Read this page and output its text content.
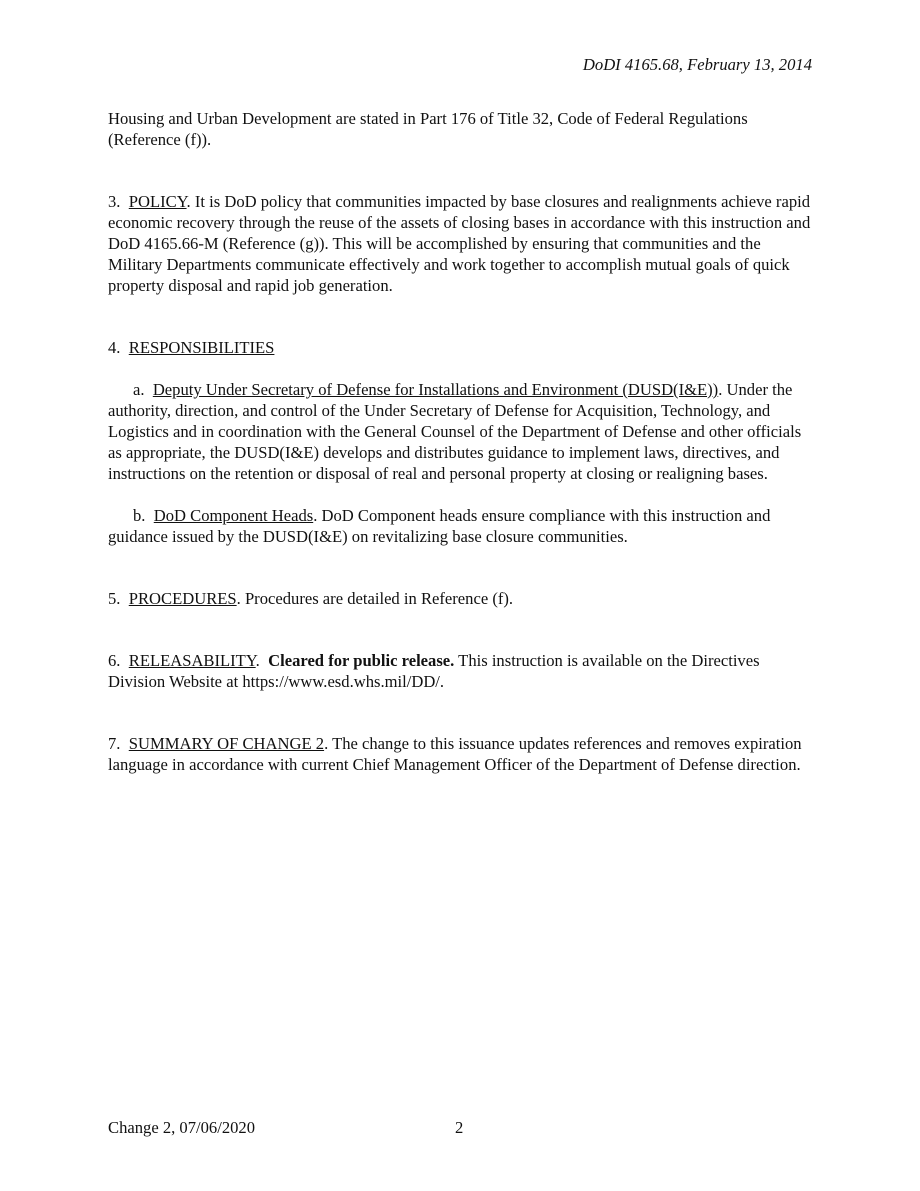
DoDI 4165.68, February 13, 2014

Housing and Urban Development are stated in Part 176 of Title 32, Code of Federal Regulations (Reference (f)).

3. POLICY. It is DoD policy that communities impacted by base closures and realignments achieve rapid economic recovery through the reuse of the assets of closing bases in accordance with this instruction and DoD 4165.66-M (Reference (g)). This will be accomplished by ensuring that communities and the Military Departments communicate effectively and work together to accomplish mutual goals of quick property disposal and rapid job generation.

4. RESPONSIBILITIES

a. Deputy Under Secretary of Defense for Installations and Environment (DUSD(I&E)). Under the authority, direction, and control of the Under Secretary of Defense for Acquisition, Technology, and Logistics and in coordination with the General Counsel of the Department of Defense and other officials as appropriate, the DUSD(I&E) develops and distributes guidance to implement laws, directives, and instructions on the retention or disposal of real and personal property at closing or realigning bases.

b. DoD Component Heads. DoD Component heads ensure compliance with this instruction and guidance issued by the DUSD(I&E) on revitalizing base closure communities.

5. PROCEDURES. Procedures are detailed in Reference (f).

6. RELEASABILITY.  Cleared for public release. This instruction is available on the Directives Division Website at https://www.esd.whs.mil/DD/.

7. SUMMARY OF CHANGE 2. The change to this issuance updates references and removes expiration language in accordance with current Chief Management Officer of the Department of Defense direction.

Change 2, 07/06/2020	2
